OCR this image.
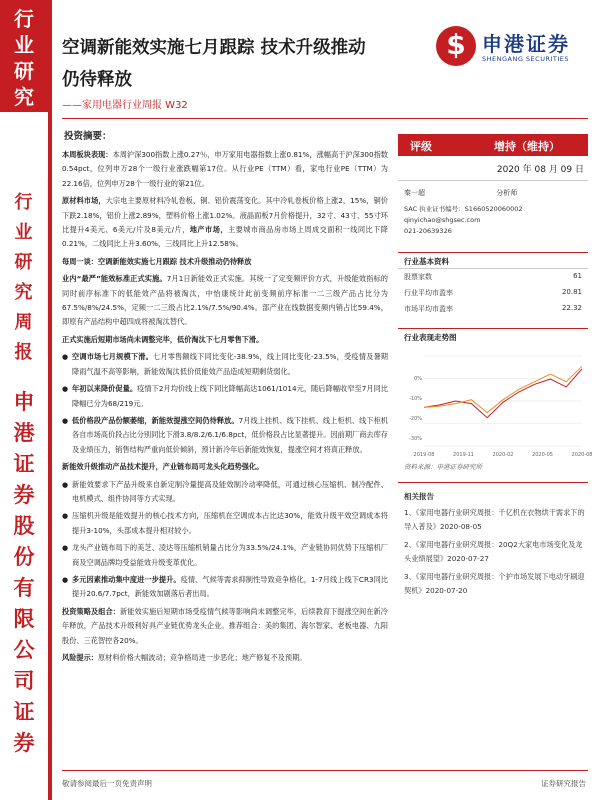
行
业
研
究
行
业
研
究
周
报
申
港
证
券
股
份
有
限
公
司
证
券
空调新能效实施七月跟踪 技术升级推动
仍待释放
——家用电器行业周报 W32
$
申港证券
SHENGANG SECURITIES
投资摘要：

本周板块表现：本周沪深300指数上涨0.27％，申万家用电器指数上涨0.81%，涨幅高于沪深300指数0.54pct，位列申万28个一级行业涨跌幅第17位。从行业PE（TTM）看，家电行业PE（TTM）为22.16倍，位列申万28个一级行业的第21位。

原材料市场，大宗电主要原材料冷轧卷板、铜、铝价震荡变化。其中冷轧卷板价格上涨2，15%，铜价下跌2.18%，铝价上涨2.89%，塑料价格上涨1.02%。液晶面板7月价格提升，32寸、43寸、55寸环比提升4美元、6美元/片及8美元/片，地产市场，主要城市商品房市场上周成交面积一线同比下降0.21%，二线同比上升3.60%，三线同比上升12.58%。

每周一谈：空调新能效实施七月跟踪 技术升级推动仍待释放

业内“最严”能效标准正式实施。7月1日新能效正式实施。其统一了定变频评价方式，升级能效指标的同时前序标准下的低能效产品将被淘汰，中怡康统计此前变频前序标准一二三级产品占比分为67.5%/8%/24.5%，定频一二三级占比2.1%/7.5%/90.4%。部产业在线数据变频内销占比59.4%，即原有产品结构中超四成将被淘汰替代。

正式实施后短期市场尚未调整完毕，低价淘汰下七月零售下滑。

● 空调市场七月规模下滑。七月零售额线下同比变化-38.9%，线上同比变化-23.5%，受疫情及暑期降雨气温不高等影响，新能效淘汰低价低能效产品造成短期剩货弱化。
● 年初以来降价促量。疫情下2月均价线上线下同比降幅高达1061/1014元，随后降幅收窄至7月同比降幅已分为68/219元。
● 低价格段产品份额萎缩，新能效提涨空间仍待释放。7月线上挂机、线下挂机、线上柜机、线下柜机各自市场高价段占比分别同比下滑3.8/8.2/6.1/6.8pct，低价格段占比显著提升。因前期厂商去库存及业绩压力，销售结构严重向低价倾斜，预计新冷年后新能效恢复，提涨空间才将真正释放。

新能效升级推动产品技术提升，产业链布局可龙头化趋势强化。

● 新能效要求下产品升级来自新定制冷量提高及能效制冷动率降低，可通过核心压缩机、制冷配件、电机模式、组件协同等方式实现。
● 压缩机升级是能效提升的核心技术方向，压缩机在空调成本占比达30%，能效升级平效空调成本将提升3-10%，头部成本提升相对较小。
● 龙头产业链布局下的美芝、凌达等压缩机销量占比分为33.5%/24.1%，产业链协同优势下压缩机厂商及空调品牌均受益能效升级变革优化。
● 多元因素推动集中度进一步提升。疫情、气候等需求抑制性导致竞争格化，1-7月线上线下CR3同比提升20.6/7.7pct，新能效加剧落后者出局。

投资策略及组合：新能效实施后短期市场受疫情气候等影响尚未调整完毕，后续教育下提涨空间在新冷年释放，产品技术升级利好具产业链优势龙头企业。推荐组合：美的集团、海尔智家、老板电器、九阳股份、三花智控各20%。

风险提示：原材料价格大幅波动；竞争格局进一步恶化；地产修复不及预期。

评级	增持（维持）
2020 年 08 月 09 日
秦一超	分析师
SAC 执业证书编号：S1660520060002
qinyichao@shgsec.com
021-20639326
行业基本资料
股票家数	61
行业平均市盈率	20.81
市场平均市盈率	22.32
行业表现走势图
0%
-10%
-20%
-30%
2019-08	2019-11	2020-02	2020-05	2020-08
资料来源：申港证券研究所
相关报告
1、《家用电器行业研究周报：千亿机在衣物烘干需求下的导入普及》2020-08-05
2、《家用电器行业研究周报：20Q2大家电市场变化及龙头业绩展望》2020-07-27
3、《家用电器行业研究周报：个护市场发展下电动牙刷迎契机》2020-07-20
敬请参阅最后一页免责声明	证券研究报告
